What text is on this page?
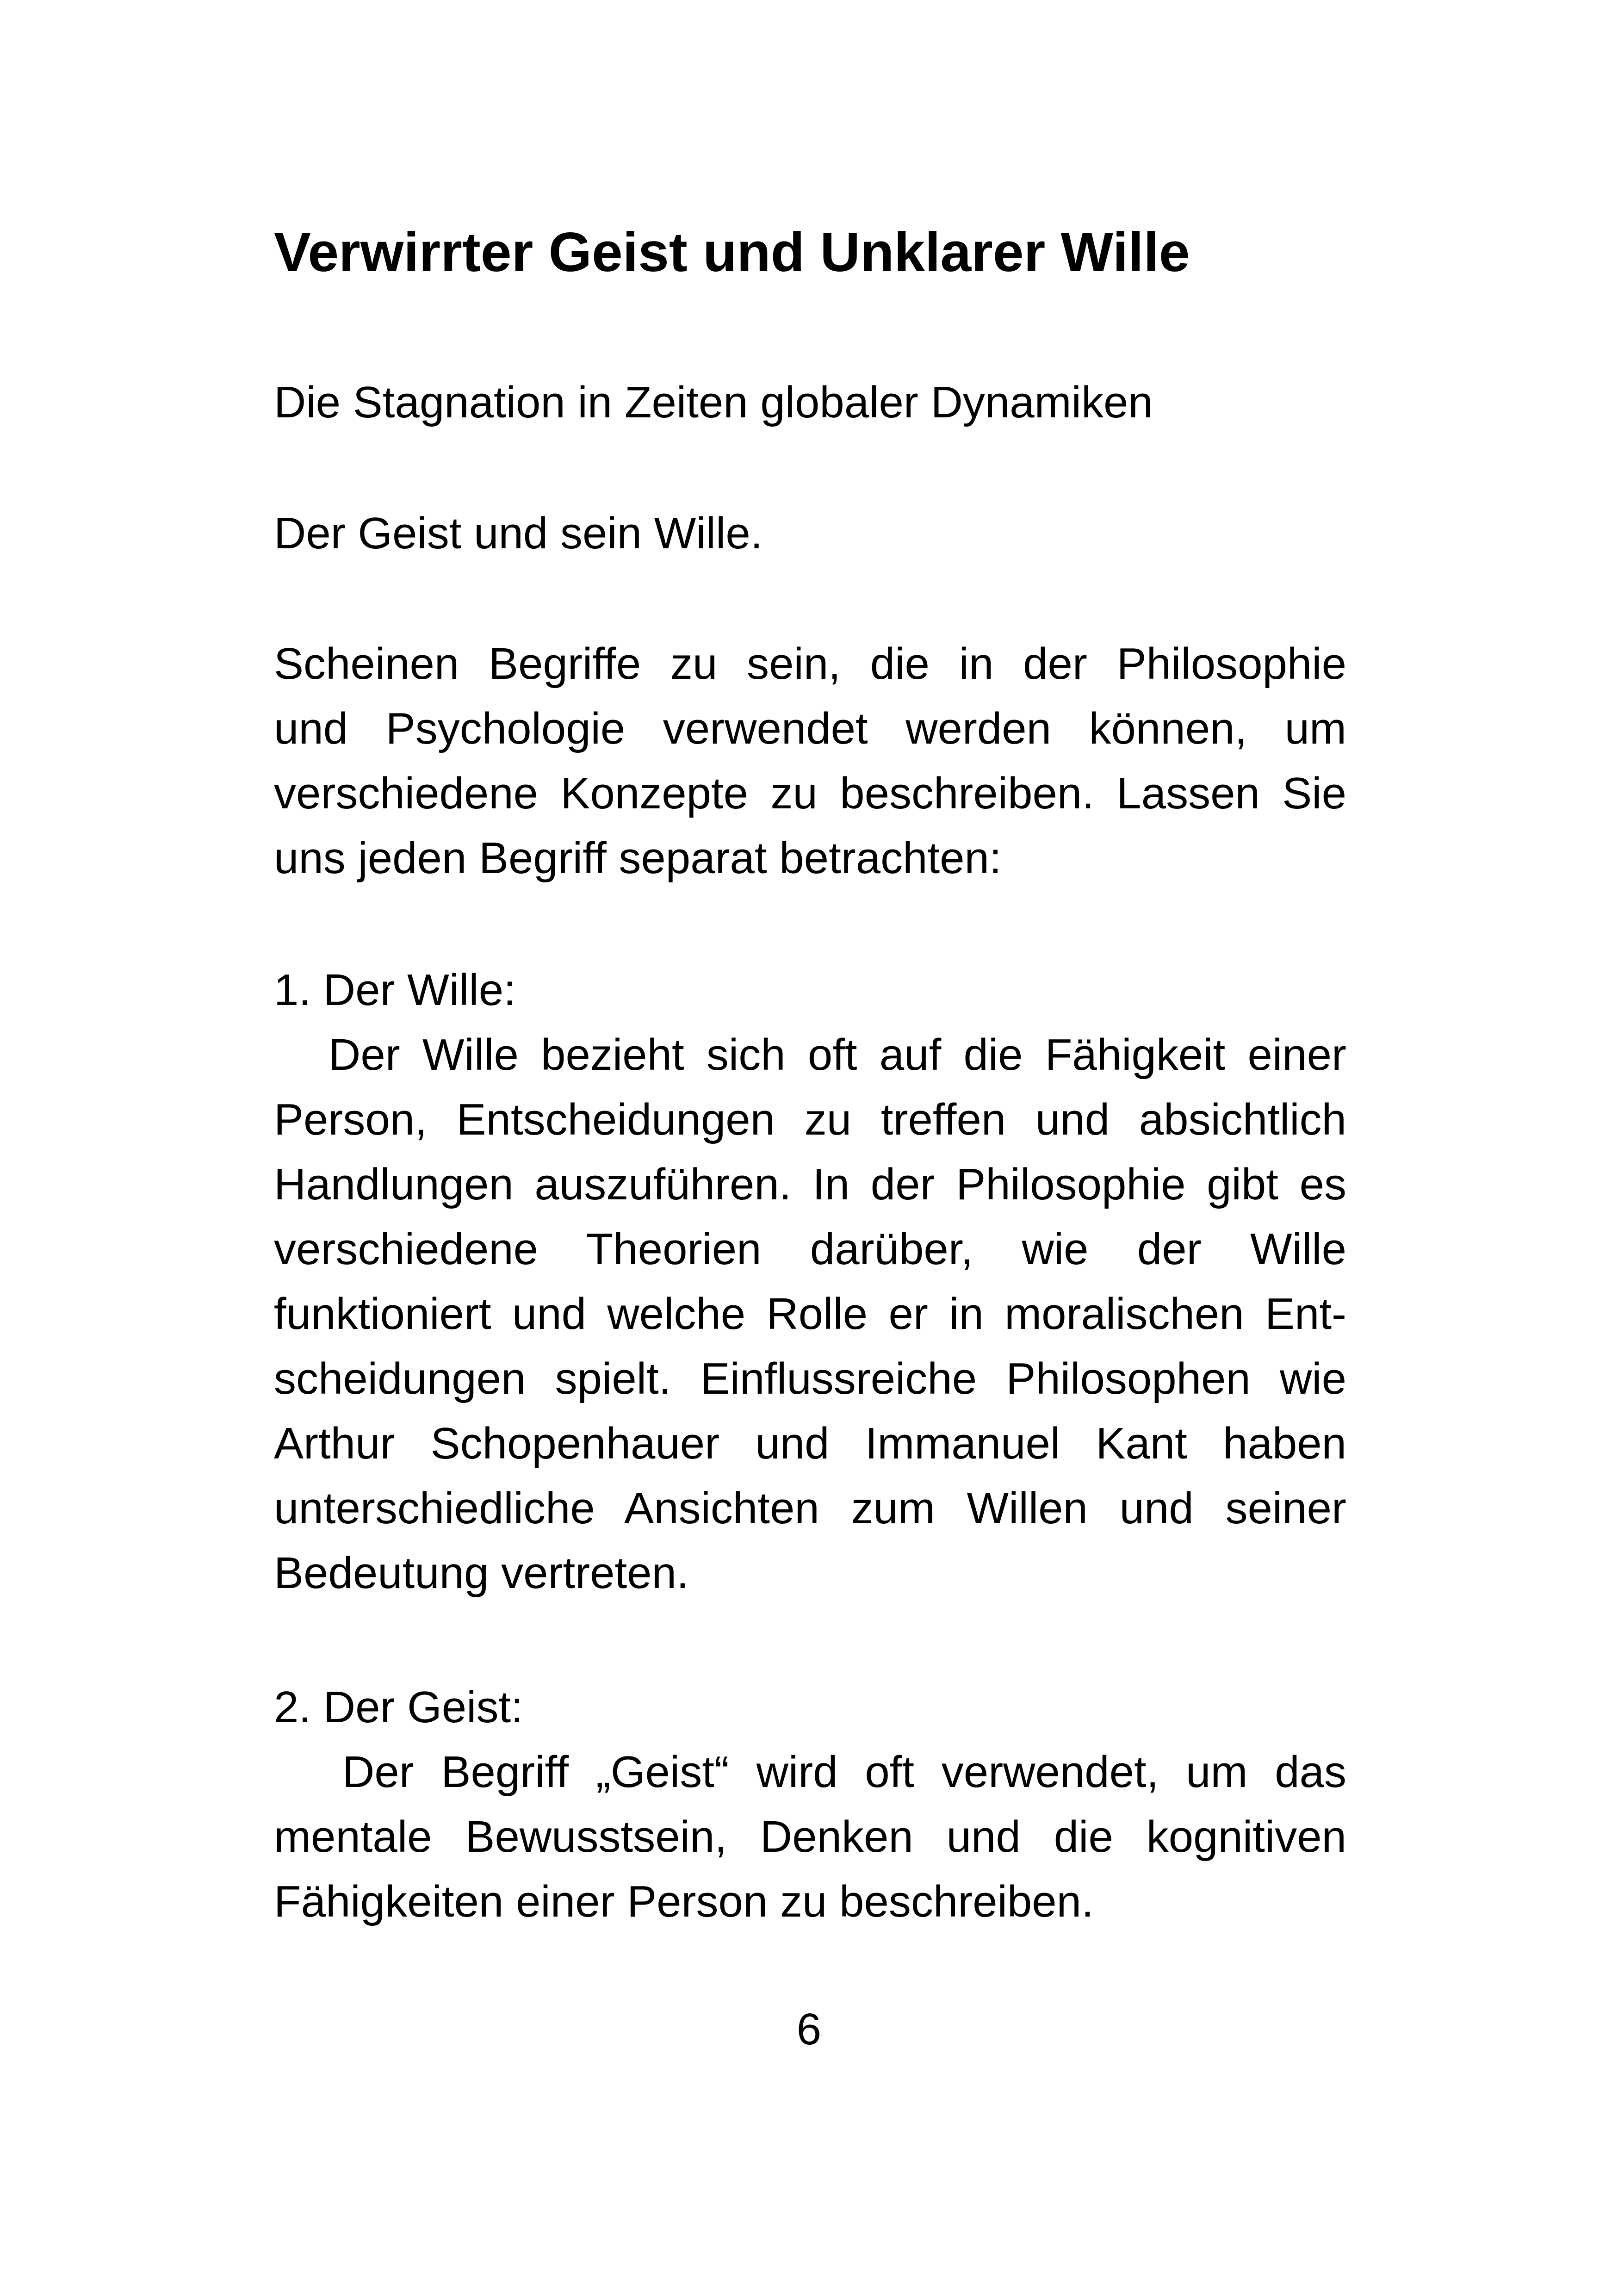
Verwirrter Geist und Unklarer Wille

Die Stagnation in Zeiten globaler Dynamiken

Der Geist und sein Wille.

Scheinen Begriffe zu sein, die in der Philosophie
und Psychologie verwendet werden können, um
verschiedene Konzepte zu beschreiben. Lassen Sie
uns jeden Begriff separat betrachten:

1. Der Wille:

Der Wille bezieht sich oft auf die Fähigkeit einer
Person, Entscheidungen zu treffen und absichtlich
Handlungen auszuführen. In der Philosophie gibt es
verschiedene Theorien darüber, wie der Wille
funktioniert und welche Rolle er in moralischen Ent-
scheidungen spielt. Einflussreiche Philosophen wie
Arthur Schopenhauer und Immanuel Kant haben
unterschiedliche Ansichten zum Willen und seiner
Bedeutung vertreten.

2. Der Geist:

Der Begriff „Geist“ wird oft verwendet, um das
mentale Bewusstsein, Denken und die kognitiven
Fähigkeiten einer Person zu beschreiben.
6
